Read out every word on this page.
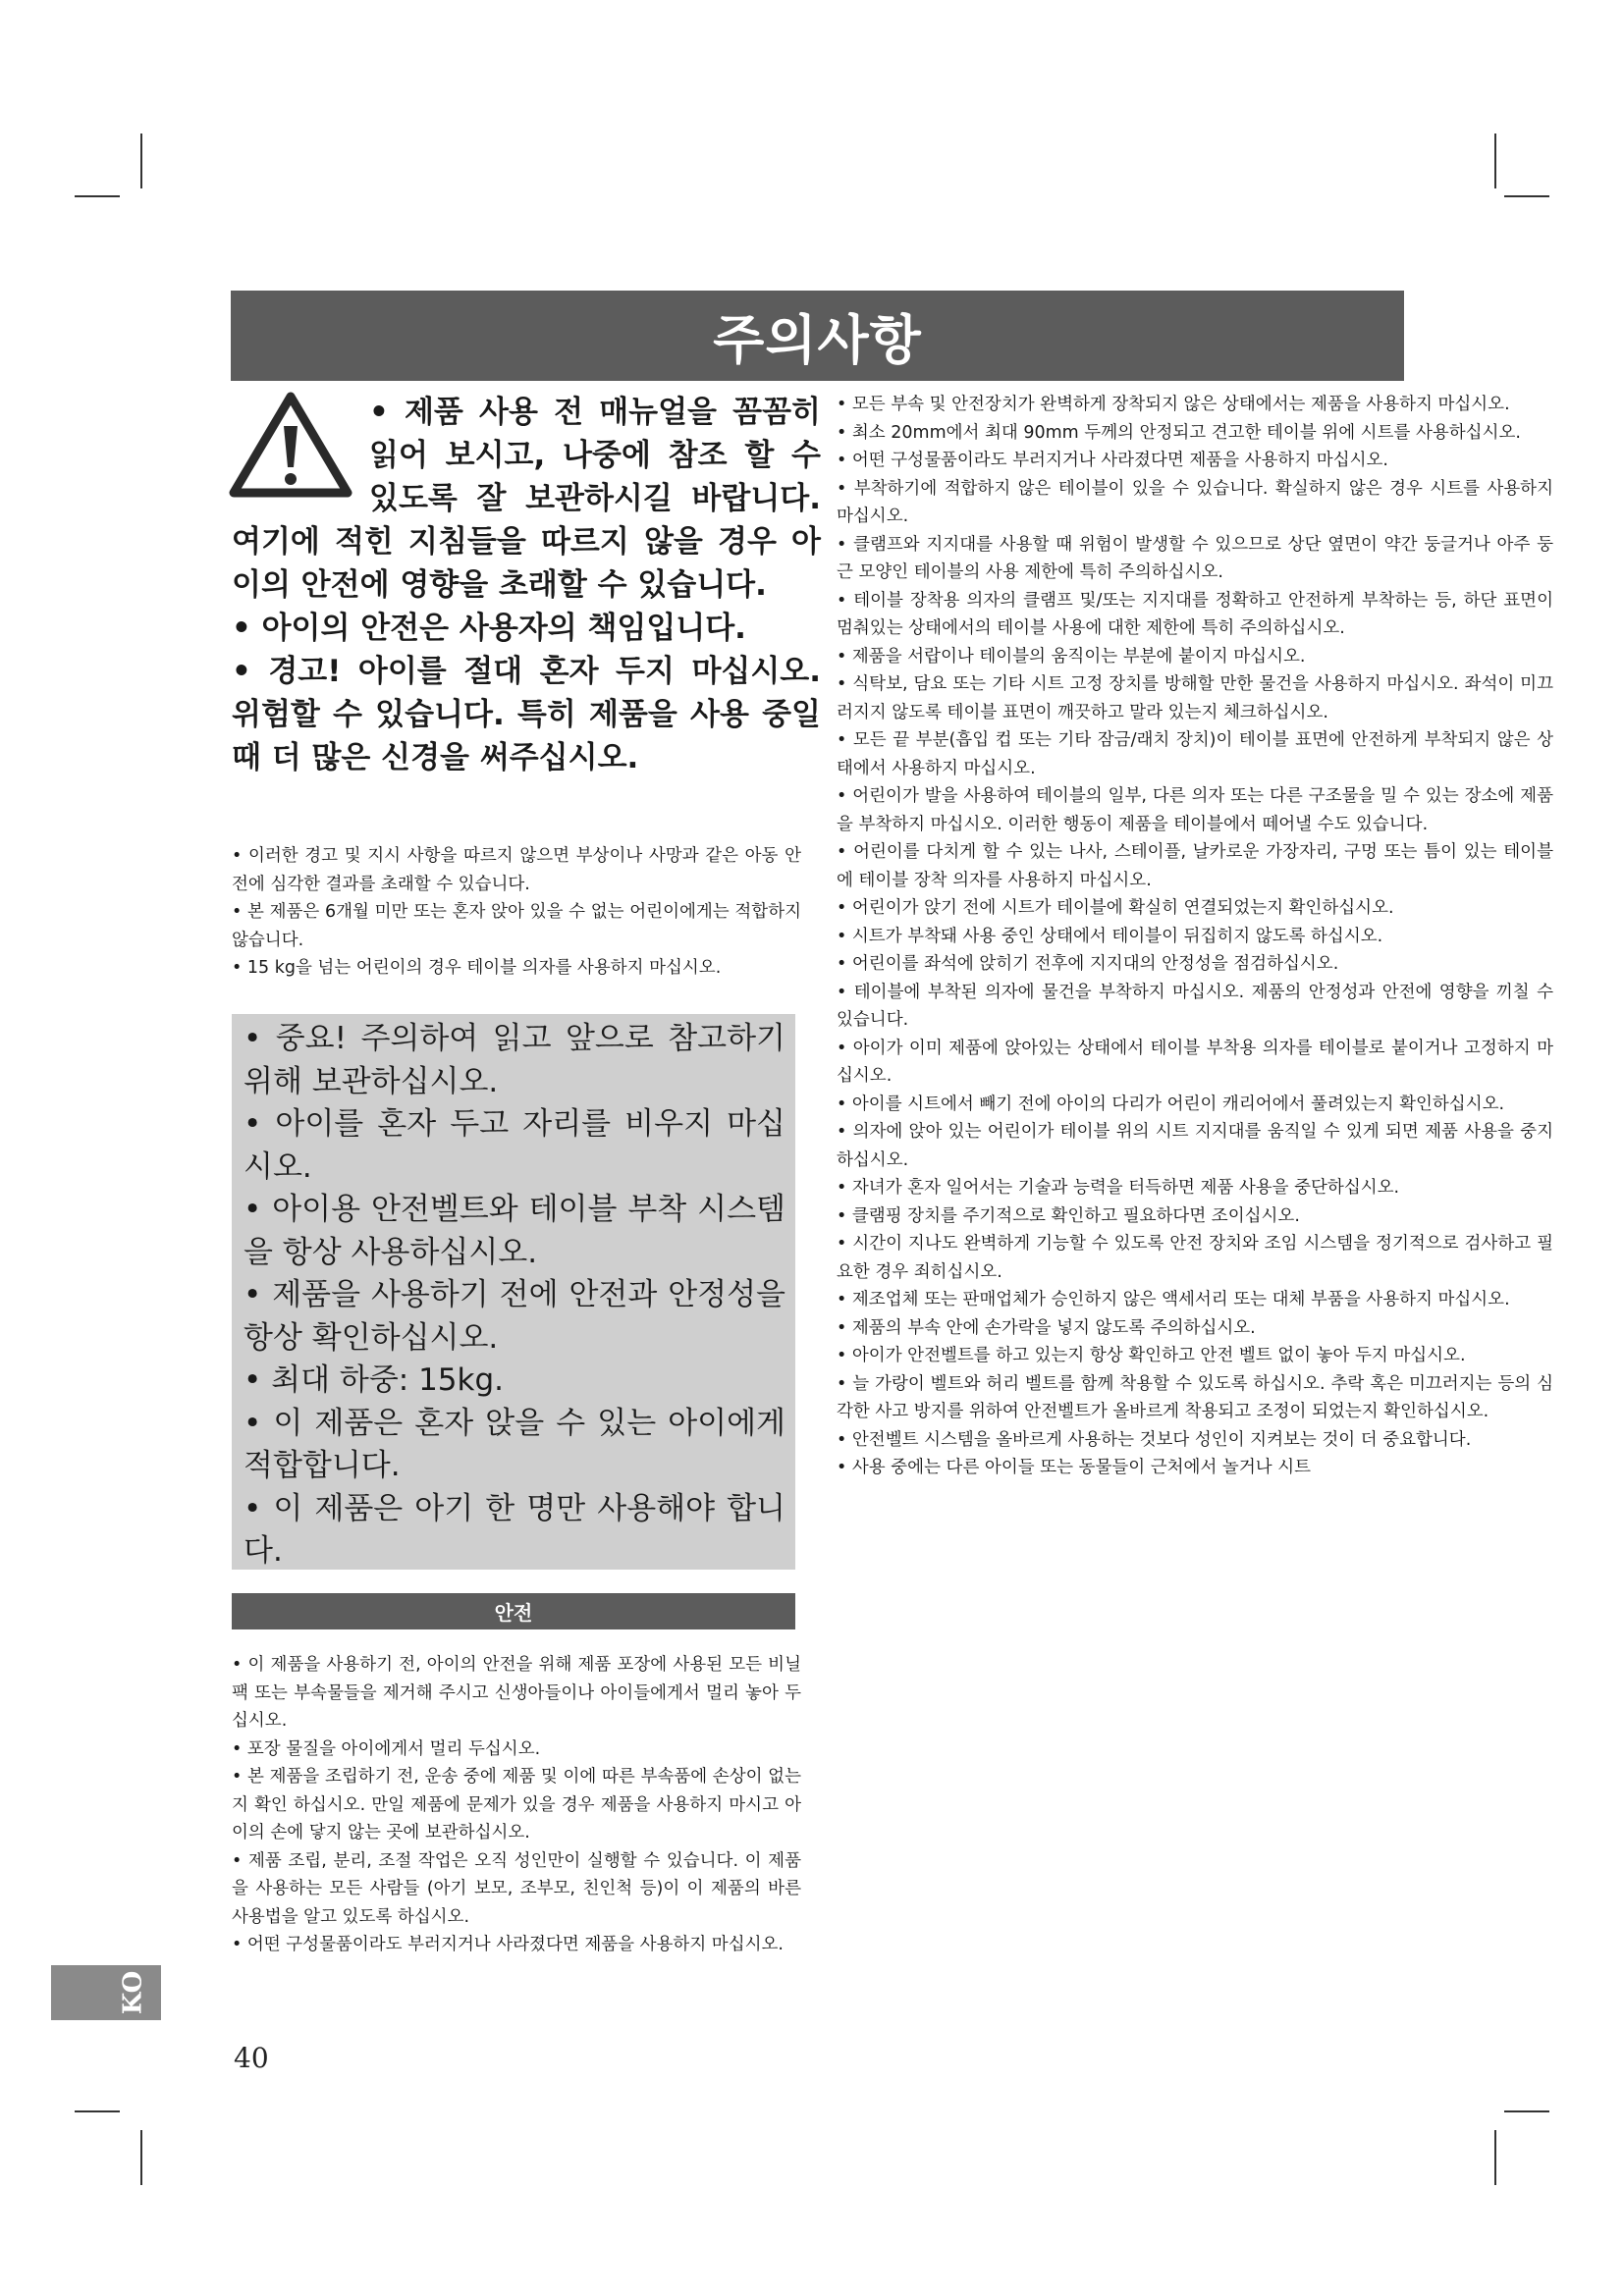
주의사항

• 제품 사용 전 매뉴얼을 꼼꼼히 읽어 보시고, 나중에 참조 할 수 있도록 잘 보관하시길 바랍니다. 여기에 적힌 지침들을 따르지 않을 경우 아이의 안전에 영향을 초래할 수 있습니다.

• 아이의 안전은 사용자의 책임입니다.

• 경고! 아이를 절대 혼자 두지 마십시오. 위험할 수 있습니다. 특히 제품을 사용 중일 때 더 많은 신경을 써주십시오.

• 이러한 경고 및 지시 사항을 따르지 않으면 부상이나 사망과 같은 아동 안전에 심각한 결과를 초래할 수 있습니다.

• 본 제품은 6개월 미만 또는 혼자 앉아 있을 수 없는 어린이에게는 적합하지 않습니다.

• 15 kg을 넘는 어린이의 경우 테이블 의자를 사용하지 마십시오.

• 중요! 주의하여 읽고 앞으로 참고하기 위해 보관하십시오.

• 아이를 혼자 두고 자리를 비우지 마십시오.

• 아이용 안전벨트와 테이블 부착 시스템을 항상 사용하십시오.

• 제품을 사용하기 전에 안전과 안정성을 항상 확인하십시오.

• 최대 하중: 15kg.

• 이 제품은 혼자 앉을 수 있는 아이에게 적합합니다.

• 이 제품은 아기 한 명만 사용해야 합니다.

안전

• 이 제품을 사용하기 전, 아이의 안전을 위해 제품 포장에 사용된 모든 비닐 팩 또는 부속물들을 제거해 주시고 신생아들이나 아이들에게서 멀리 놓아 두십시오.

• 포장 물질을 아이에게서 멀리 두십시오.

• 본 제품을 조립하기 전, 운송 중에 제품 및 이에 따른 부속품에 손상이 없는지 확인 하십시오. 만일 제품에 문제가 있을 경우 제품을 사용하지 마시고 아이의 손에 닿지 않는 곳에 보관하십시오.

• 제품 조립, 분리, 조절 작업은 오직 성인만이 실행할 수 있습니다. 이 제품을 사용하는 모든 사람들 (아기 보모, 조부모, 친인척 등)이 이 제품의 바른 사용법을 알고 있도록 하십시오.

• 어떤 구성물품이라도 부러지거나 사라졌다면 제품을 사용하지 마십시오.

• 모든 부속 및 안전장치가 완벽하게 장착되지 않은 상태에서는 제품을 사용하지 마십시오.

• 최소 20mm에서 최대 90mm 두께의 안정되고 견고한 테이블 위에 시트를 사용하십시오.

• 어떤 구성물품이라도 부러지거나 사라졌다면 제품을 사용하지 마십시오.

• 부착하기에 적합하지 않은 테이블이 있을 수 있습니다. 확실하지 않은 경우 시트를 사용하지 마십시오.

• 클램프와 지지대를 사용할 때 위험이 발생할 수 있으므로 상단 옆면이 약간 둥글거나 아주 둥근 모양인 테이블의 사용 제한에 특히 주의하십시오.

• 테이블 장착용 의자의 클램프 및/또는 지지대를 정확하고 안전하게 부착하는 등, 하단 표면이 멈춰있는 상태에서의 테이블 사용에 대한 제한에 특히 주의하십시오.

• 제품을 서랍이나 테이블의 움직이는 부분에 붙이지 마십시오.

• 식탁보, 담요 또는 기타 시트 고정 장치를 방해할 만한 물건을 사용하지 마십시오. 좌석이 미끄러지지 않도록 테이블 표면이 깨끗하고 말라 있는지 체크하십시오.

• 모든 끝 부분(흡입 컵 또는 기타 잠금/래치 장치)이 테이블 표면에 안전하게 부착되지 않은 상태에서 사용하지 마십시오.

• 어린이가 발을 사용하여 테이블의 일부, 다른 의자 또는 다른 구조물을 밀 수 있는 장소에 제품을 부착하지 마십시오. 이러한 행동이 제품을 테이블에서 떼어낼 수도 있습니다.

• 어린이를 다치게 할 수 있는 나사, 스테이플, 날카로운 가장자리, 구멍 또는 틈이 있는 테이블에 테이블 장착 의자를 사용하지 마십시오.

• 어린이가 앉기 전에 시트가 테이블에 확실히 연결되었는지 확인하십시오.

• 시트가 부착돼 사용 중인 상태에서 테이블이 뒤집히지 않도록 하십시오.

• 어린이를 좌석에 앉히기 전후에 지지대의 안정성을 점검하십시오.

• 테이블에 부착된 의자에 물건을 부착하지 마십시오. 제품의 안정성과 안전에 영향을 끼칠 수 있습니다.

• 아이가 이미 제품에 앉아있는 상태에서 테이블 부착용 의자를 테이블로 붙이거나 고정하지 마십시오.

• 아이를 시트에서 빼기 전에 아이의 다리가 어린이 캐리어에서 풀려있는지 확인하십시오.

• 의자에 앉아 있는 어린이가 테이블 위의 시트 지지대를 움직일 수 있게 되면 제품 사용을 중지하십시오.

• 자녀가 혼자 일어서는 기술과 능력을 터득하면 제품 사용을 중단하십시오.

• 클램핑 장치를 주기적으로 확인하고 필요하다면 조이십시오.

• 시간이 지나도 완벽하게 기능할 수 있도록 안전 장치와 조임 시스템을 정기적으로 검사하고 필요한 경우 죄히십시오.

• 제조업체 또는 판매업체가 승인하지 않은 액세서리 또는 대체 부품을 사용하지 마십시오.

• 제품의 부속 안에 손가락을 넣지 않도록 주의하십시오.

• 아이가 안전벨트를 하고 있는지 항상 확인하고 안전 벨트 없이 놓아 두지 마십시오.

• 늘 가랑이 벨트와 허리 벨트를 함께 착용할 수 있도록 하십시오. 추락 혹은 미끄러지는 등의 심각한 사고 방지를 위하여 안전벨트가 올바르게 착용되고 조정이 되었는지 확인하십시오.

• 안전벨트 시스템을 올바르게 사용하는 것보다 성인이 지켜보는 것이 더 중요합니다.

• 사용 중에는 다른 아이들 또는 동물들이 근처에서 놀거나 시트

KO
40
